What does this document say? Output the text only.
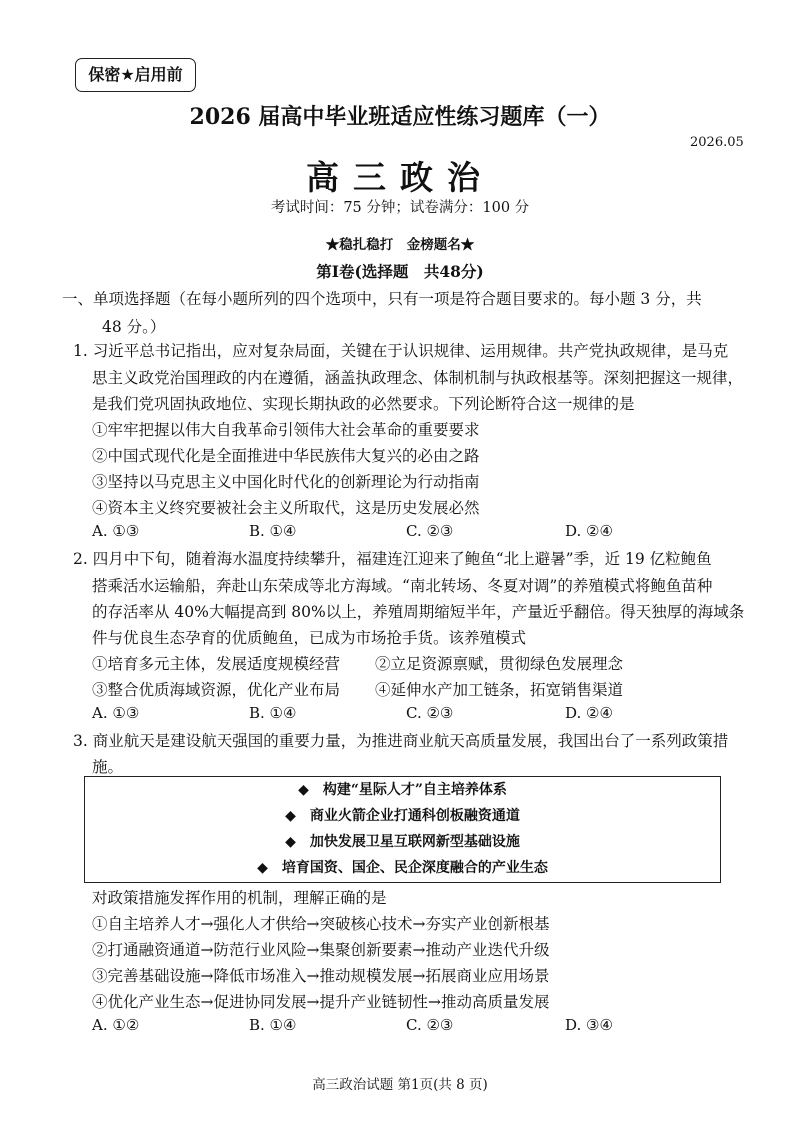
保密★启用前
2026 届高中毕业班适应性练习题库（一）
2026.05
高三政治
考试时间：75 分钟；试卷满分：100 分
★稳扎稳打　金榜题名★
第Ⅰ卷(选择题　共48分)
一、单项选择题（在每小题所列的四个选项中，只有一项是符合题目要求的。每小题 3 分，共
48 分。）
1. 习近平总书记指出，应对复杂局面，关键在于认识规律、运用规律。共产党执政规律，是马克
思主义政党治国理政的内在遵循，涵盖执政理念、体制机制与执政根基等。深刻把握这一规律，
是我们党巩固执政地位、实现长期执政的必然要求。下列论断符合这一规律的是
①牢牢把握以伟大自我革命引领伟大社会革命的重要要求
②中国式现代化是全面推进中华民族伟大复兴的必由之路
③坚持以马克思主义中国化时代化的创新理论为行动指南
④资本主义终究要被社会主义所取代，这是历史发展必然
A. ①③	B. ①④	C. ②③	D. ②④
2. 四月中下旬，随着海水温度持续攀升，福建连江迎来了鲍鱼“北上避暑”季，近 19 亿粒鲍鱼
搭乘活水运输船，奔赴山东荣成等北方海域。“南北转场、冬夏对调”的养殖模式将鲍鱼苗种
的存活率从 40%大幅提高到 80%以上，养殖周期缩短半年，产量近乎翻倍。得天独厚的海域条
件与优良生态孕育的优质鲍鱼，已成为市场抢手货。该养殖模式
①培育多元主体，发展适度规模经营 ②立足资源禀赋，贯彻绿色发展理念
③整合优质海域资源，优化产业布局 ④延伸水产加工链条，拓宽销售渠道
A. ①③	B. ①④	C. ②③	D. ②④
3. 商业航天是建设航天强国的重要力量，为推进商业航天高质量发展，我国出台了一系列政策措
施。
◆　构建“星际人才”自主培养体系
◆　商业火箭企业打通科创板融资通道
◆　加快发展卫星互联网新型基础设施
◆　培育国资、国企、民企深度融合的产业生态
对政策措施发挥作用的机制，理解正确的是
①自主培养人才→强化人才供给→突破核心技术→夯实产业创新根基
②打通融资通道→防范行业风险→集聚创新要素→推动产业迭代升级
③完善基础设施→降低市场准入→推动规模发展→拓展商业应用场景
④优化产业生态→促进协同发展→提升产业链韧性→推动高质量发展
A. ①②	B. ①④	C. ②③	D. ③④
高三政治试题 第1页(共 8 页)
